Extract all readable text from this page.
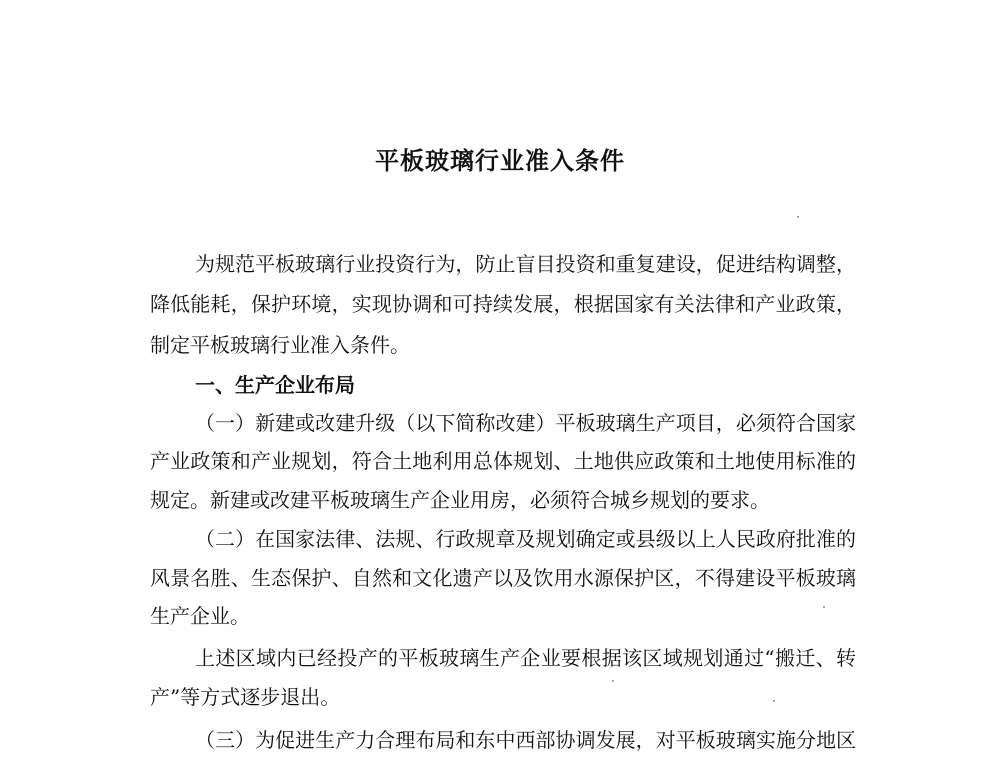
平板玻璃行业准入条件
为规范平板玻璃行业投资行为，防止盲目投资和重复建设，促进结构调整，
降低能耗，保护环境，实现协调和可持续发展，根据国家有关法律和产业政策，
制定平板玻璃行业准入条件。
一、生产企业布局
（一）新建或改建升级（以下简称改建）平板玻璃生产项目，必须符合国家
产业政策和产业规划，符合土地利用总体规划、土地供应政策和土地使用标准的
规定。新建或改建平板玻璃生产企业用房，必须符合城乡规划的要求。
（二）在国家法律、法规、行政规章及规划确定或县级以上人民政府批准的
风景名胜、生态保护、自然和文化遗产以及饮用水源保护区，不得建设平板玻璃
生产企业。
上述区域内已经投产的平板玻璃生产企业要根据该区域规划通过“搬迁、转
产”等方式逐步退出。
（三）为促进生产力合理布局和东中西部协调发展，对平板玻璃实施分地区
